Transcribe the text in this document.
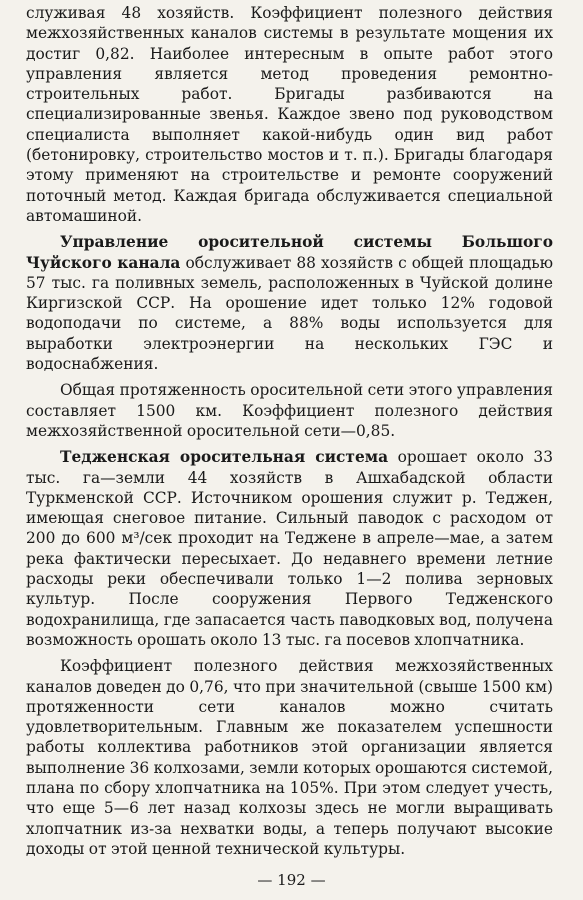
служивая 48 хозяйств. Коэффициент полезного действия межхозяйственных каналов системы в результате мощения их достиг 0,82. Наиболее интересным в опыте работ этого управления является метод проведения ремонтно-строительных работ. Бригады разбиваются на специализированные звенья. Каждое звено под руководством специалиста выполняет какой-нибудь один вид работ (бетонировку, строительство мостов и т. п.). Бригады благодаря этому применяют на строительстве и ремонте сооружений поточный метод. Каждая бригада обслуживается специальной автомашиной.

Управление оросительной системы Большого Чуйского канала обслуживает 88 хозяйств с общей площадью 57 тыс. га поливных земель, расположенных в Чуйской долине Киргизской ССР. На орошение идет только 12% годовой водоподачи по системе, а 88% воды используется для выработки электроэнергии на нескольких ГЭС и водоснабжения.

Общая протяженность оросительной сети этого управления составляет 1500 км. Коэффициент полезного действия межхозяйственной оросительной сети—0,85.

Теджeнская оросительная система орошает около 33 тыс. га—земли 44 хозяйств в Ашхабадской области Туркменской ССР. Источником орошения служит р. Теджен, имеющая снеговое питание. Сильный паводок с расходом от 200 до 600 м³/сек проходит на Теджене в апреле—мае, а затем река фактически пересыхает. До недавнего времени летние расходы реки обеспечивали только 1—2 полива зерновых культур. После сооружения Первого Тедженского водохранилища, где запасается часть паводковых вод, получена возможность орошать около 13 тыс. га посевов хлопчатника.

Коэффициент полезного действия межхозяйственных каналов доведен до 0,76, что при значительной (свыше 1500 км) протяженности сети каналов можно считать удовлетворительным. Главным же показателем успешности работы коллектива работников этой организации является выполнение 36 колхозами, земли которых орошаются системой, плана по сбору хлопчатника на 105%. При этом следует учесть, что еще 5—6 лет назад колхозы здесь не могли выращивать хлопчатник из-за нехватки воды, а теперь получают высокие доходы от этой ценной технической культуры.

— 192 —
